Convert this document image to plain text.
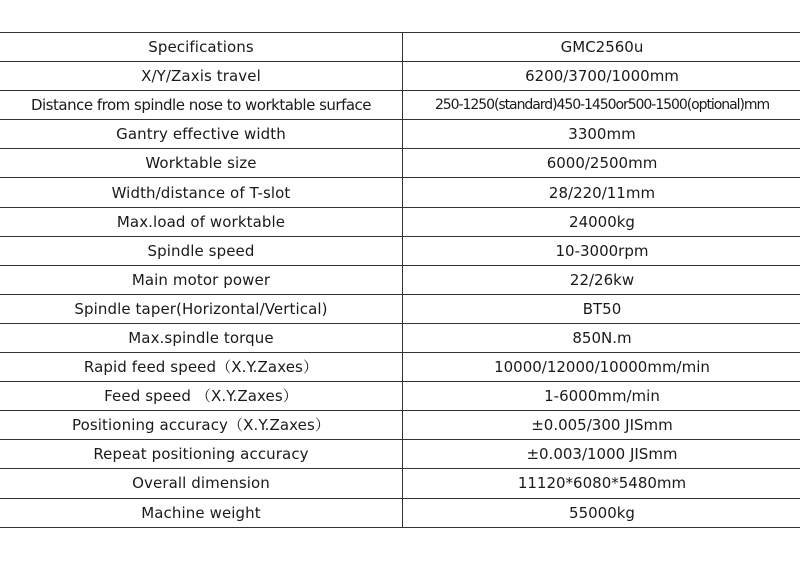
Specifications	GMC2560u
X/Y/Zaxis travel	6200/3700/1000mm
Distance from spindle nose to worktable surface	250-1250(standard)450-1450or500-1500(optional)mm
Gantry effective width	3300mm
Worktable size	6000/2500mm
Width/distance of T-slot	28/220/11mm
Max.load of worktable	24000kg
Spindle speed	10-3000rpm
Main motor power	22/26kw
Spindle taper(Horizontal/Vertical)	BT50
Max.spindle torque	850N.m
Rapid feed speed（X.Y.Zaxes）	10000/12000/10000mm/min
Feed speed （X.Y.Zaxes）	1-6000mm/min
Positioning accuracy（X.Y.Zaxes）	±0.005/300 JISmm
Repeat positioning accuracy	±0.003/1000 JISmm
Overall dimension	11120*6080*5480mm
Machine weight	55000kg
